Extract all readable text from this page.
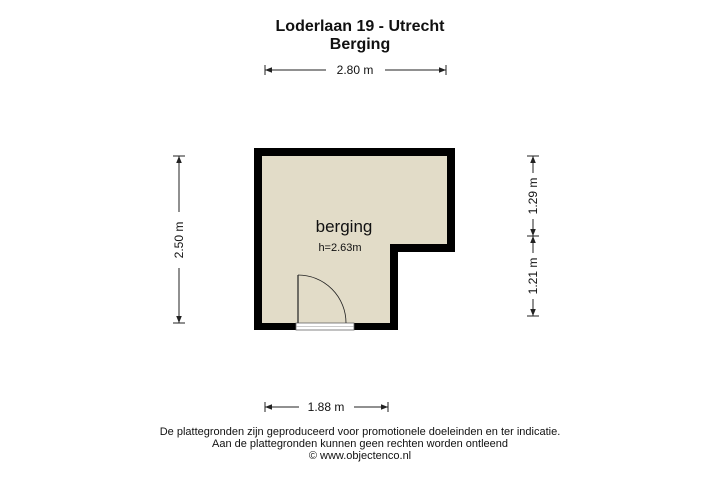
Loderlaan 19 - Utrecht
Berging
berging
h=2.63m
2.80 m
1.88 m
2.50 m
1.29 m
1.21 m
De plattegronden zijn geproduceerd voor promotionele doeleinden en ter indicatie.
Aan de plattegronden kunnen geen rechten worden ontleend
© www.objectenco.nl
